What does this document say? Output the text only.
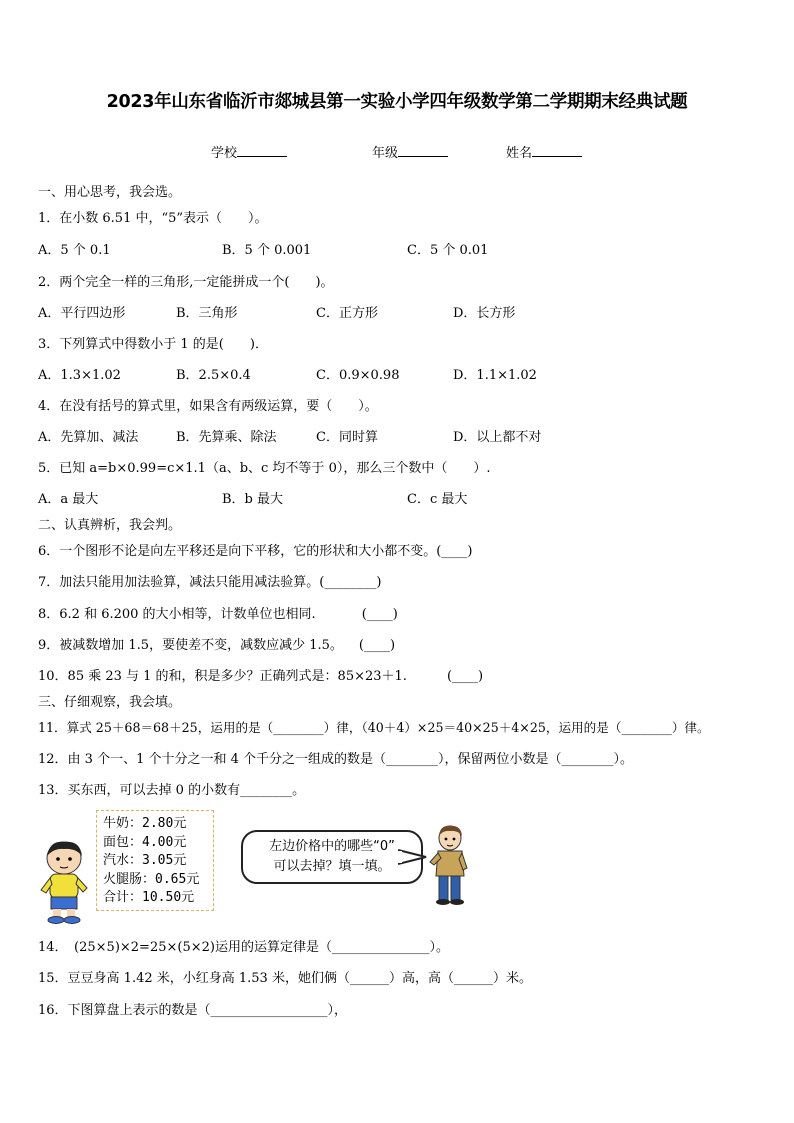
2023年山东省临沂市郯城县第一实验小学四年级数学第二学期期末经典试题
学校	年级	姓名
一、用心思考，我会选。
1．在小数 6.51 中，“5”表示（　　）。
A．5 个 0.1	B．5 个 0.001	C．5 个 0.01
2．两个完全一样的三角形,一定能拼成一个(　　)。
A．平行四边形	B．三角形	C．正方形	D．长方形
3．下列算式中得数小于 1 的是(　　)．
A．1.3×1.02	B．2.5×0.4	C．0.9×0.98	D．1.1×1.02
4．在没有括号的算式里，如果含有两级运算，要（　　）。
A．先算加、减法	B．先算乘、除法	C．同时算	D．以上都不对
5．已知 a=b×0.99=c×1.1（a、b、c 均不等于 0），那么三个数中（　　）.
A．a 最大	B．b 最大	C．c 最大
二、认真辨析，我会判。
6．一个图形不论是向左平移还是向下平移，它的形状和大小都不变。(____)
7．加法只能用加法验算，减法只能用减法验算。(________)
8．6.2 和 6.200 的大小相等，计数单位也相同.	(____)
9．被减数增加 1.5，要使差不变，减数应减少 1.5。 (____)
10．85 乘 23 与 1 的和，积是多少？正确列式是：85×23＋1.	(____)
三、仔细观察，我会填。
11．算式 25＋68＝68＋25，运用的是（________）律，（40＋4）×25＝40×25＋4×25，运用的是（________）律。
12．由 3 个一、1 个十分之一和 4 个千分之一组成的数是（________），保留两位小数是（________）。
13．买东西，可以去掉 0 的小数有________。
牛奶：2.80元
面包：4.00元
汽水：3.05元
火腿肠：0.65元
合计：10.50元
左边价格中的哪些“0”
可以去掉？填一填。
14．　(25×5)×2=25×(5×2)运用的运算定律是（_______________）。
15．豆豆身高 1.42 米，小红身高 1.53 米，她们俩（______）高，高（______）米。
16．下图算盘上表示的数是（__________________），
